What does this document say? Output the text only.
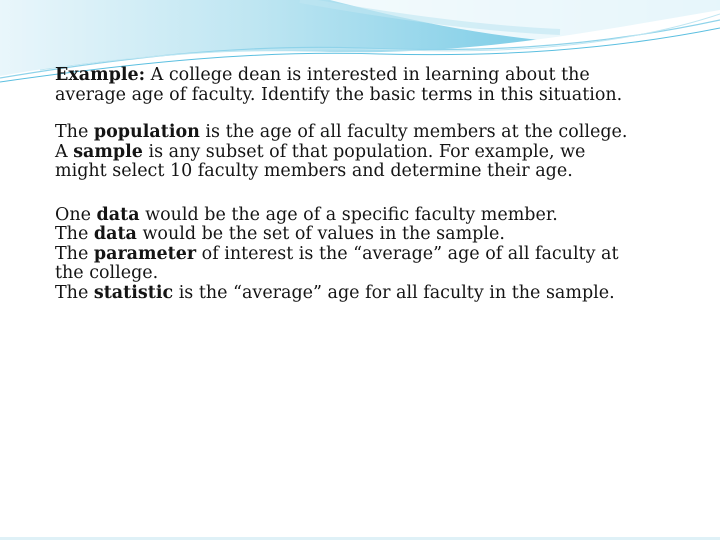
Example: A college dean is interested in learning about the
average age of faculty. Identify the basic terms in this situation.

The population is the age of all faculty members at the college.
A sample is any subset of that population. For example, we
might select 10 faculty members and determine their age.

One data would be the age of a specific faculty member.
The data would be the set of values in the sample.
The parameter of interest is the “average” age of all faculty at
the college.
The statistic is the “average” age for all faculty in the sample.
